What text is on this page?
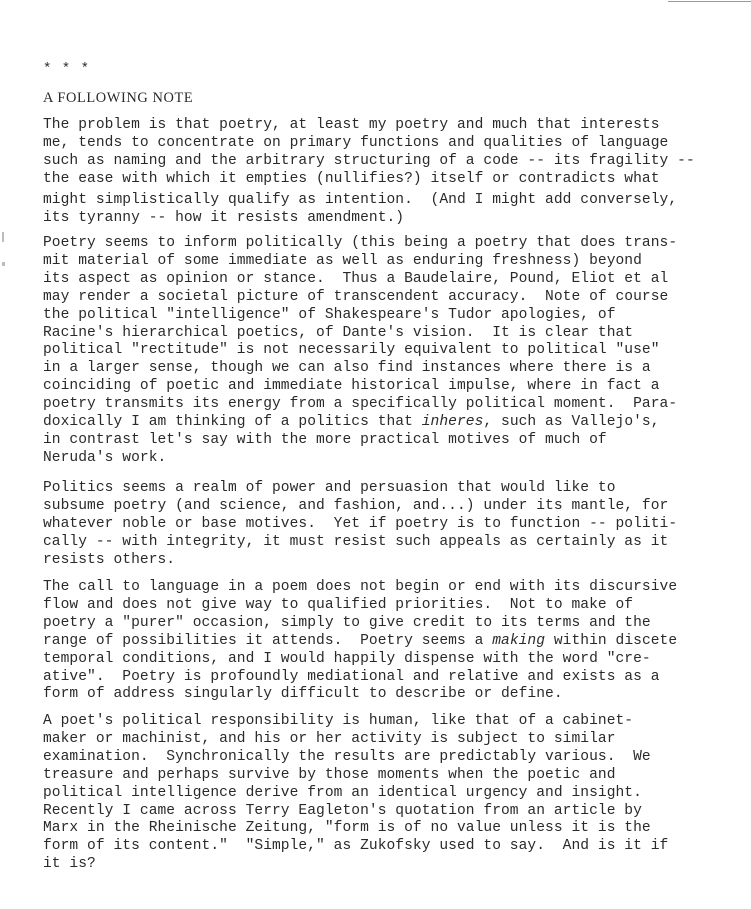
* * *
A FOLLOWING NOTE
The problem is that poetry, at least my poetry and much that interests
me, tends to concentrate on primary functions and qualities of language
such as naming and the arbitrary structuring of a code -- its fragility --
the ease with which it empties (nullifies?) itself or contradicts what
might simplistically qualify as intention.  (And I might add conversely,
its tyranny -- how it resists amendment.)
Poetry seems to inform politically (this being a poetry that does trans-
mit material of some immediate as well as enduring freshness) beyond
its aspect as opinion or stance.  Thus a Baudelaire, Pound, Eliot et al
may render a societal picture of transcendent accuracy.  Note of course
the political "intelligence" of Shakespeare's Tudor apologies, of
Racine's hierarchical poetics, of Dante's vision.  It is clear that
political "rectitude" is not necessarily equivalent to political "use"
in a larger sense, though we can also find instances where there is a
coinciding of poetic and immediate historical impulse, where in fact a
poetry transmits its energy from a specifically political moment.  Para-
doxically I am thinking of a politics that inheres, such as Vallejo's,
in contrast let's say with the more practical motives of much of
Neruda's work.
Politics seems a realm of power and persuasion that would like to
subsume poetry (and science, and fashion, and...) under its mantle, for
whatever noble or base motives.  Yet if poetry is to function -- politi-
cally -- with integrity, it must resist such appeals as certainly as it
resists others.
The call to language in a poem does not begin or end with its discursive
flow and does not give way to qualified priorities.  Not to make of
poetry a "purer" occasion, simply to give credit to its terms and the
range of possibilities it attends.  Poetry seems a making within discete
temporal conditions, and I would happily dispense with the word "cre-
ative".  Poetry is profoundly mediational and relative and exists as a
form of address singularly difficult to describe or define.
A poet's political responsibility is human, like that of a cabinet-
maker or machinist, and his or her activity is subject to similar
examination.  Synchronically the results are predictably various.  We
treasure and perhaps survive by those moments when the poetic and
political intelligence derive from an identical urgency and insight.
Recently I came across Terry Eagleton's quotation from an article by
Marx in the Rheinische Zeitung, "form is of no value unless it is the
form of its content."  "Simple," as Zukofsky used to say.  And is it if
it is?
